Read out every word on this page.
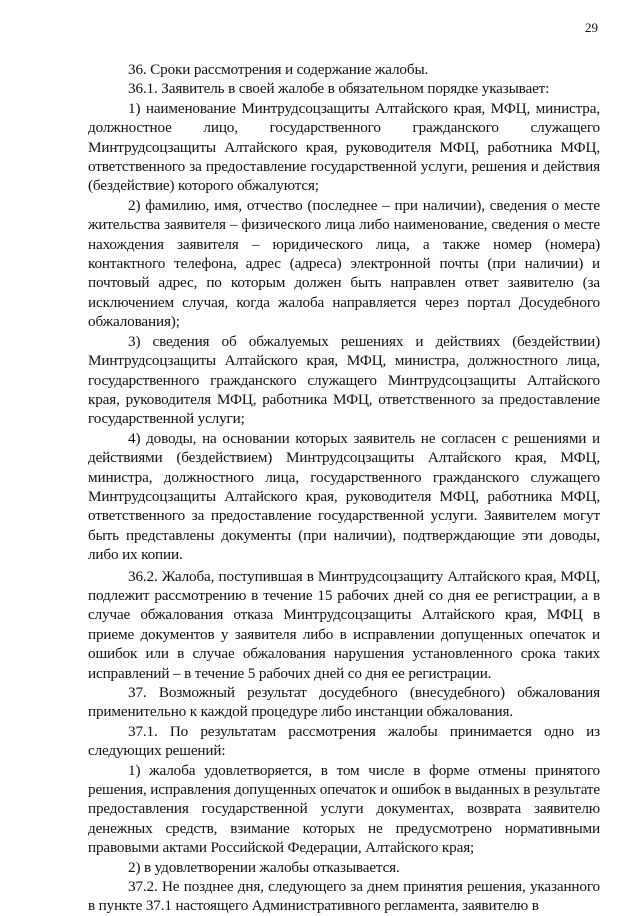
29

36. Сроки рассмотрения и содержание жалобы.

36.1. Заявитель в своей жалобе в обязательном порядке указывает:

1) наименование Минтрудсоцзащиты Алтайского края, МФЦ, министра, должностное лицо, государственного гражданского служащего Минтрудсоцзащиты Алтайского края, руководителя МФЦ, работника МФЦ, ответственного за предоставление государственной услуги, решения и действия (бездействие) которого обжалуются;

2) фамилию, имя, отчество (последнее – при наличии), сведения о месте жительства заявителя – физического лица либо наименование, сведения о месте нахождения заявителя – юридического лица, а также номер (номера) контактного телефона, адрес (адреса) электронной почты (при наличии) и почтовый адрес, по которым должен быть направлен ответ заявителю (за исключением случая, когда жалоба направляется через портал Досудебного обжалования);

3) сведения об обжалуемых решениях и действиях (бездействии) Минтрудсоцзащиты Алтайского края, МФЦ, министра, должностного лица, государственного гражданского служащего Минтрудсоцзащиты Алтайского края, руководителя МФЦ, работника МФЦ, ответственного за предоставление государственной услуги;

4) доводы, на основании которых заявитель не согласен с решениями и действиями (бездействием) Минтрудсоцзащиты Алтайского края, МФЦ, министра, должностного лица, государственного гражданского служащего Минтрудсоцзащиты Алтайского края, руководителя МФЦ, работника МФЦ, ответственного за предоставление государственной услуги. Заявителем могут быть представлены документы (при наличии), подтверждающие эти доводы, либо их копии.

36.2. Жалоба, поступившая в Минтрудсоцзащиту Алтайского края, МФЦ, подлежит рассмотрению в течение 15 рабочих дней со дня ее регистрации, а в случае обжалования отказа Минтрудсоцзащиты Алтайского края, МФЦ в приеме документов у заявителя либо в исправлении допущенных опечаток и ошибок или в случае обжалования нарушения установленного срока таких исправлений – в течение 5 рабочих дней со дня ее регистрации.

37. Возможный результат досудебного (внесудебного) обжалования применительно к каждой процедуре либо инстанции обжалования.

37.1. По результатам рассмотрения жалобы принимается одно из следующих решений:

1) жалоба удовлетворяется, в том числе в форме отмены принятого решения, исправления допущенных опечаток и ошибок в выданных в результате предоставления государственной услуги документах, возврата заявителю денежных средств, взимание которых не предусмотрено нормативными правовыми актами Российской Федерации, Алтайского края;

2) в удовлетворении жалобы отказывается.

37.2. Не позднее дня, следующего за днем принятия решения, указанного в пункте 37.1 настоящего Административного регламента, заявителю в
